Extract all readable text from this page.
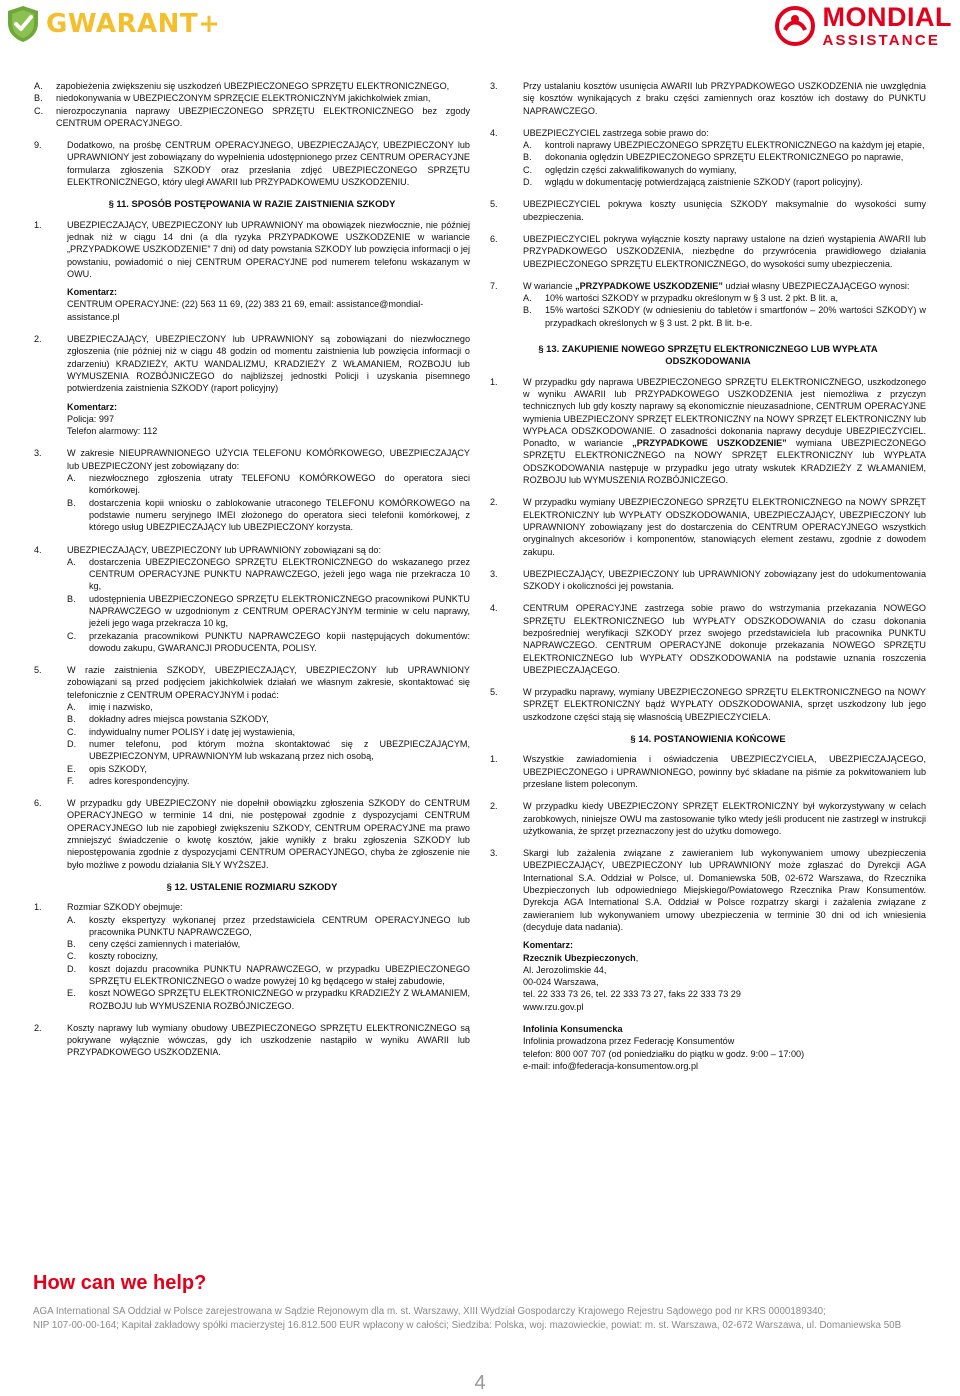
GWARANT+	MONDIAL
ASSISTANCE
A.	zapobieżenia zwiększeniu się uszkodzeń UBEZPIECZONEGO SPRZĘTU ELEKTRONICZNEGO,
B.	niedokonywania w UBEZPIECZONYM SPRZĘCIE ELEKTRONICZNYM jakichkolwiek zmian,
C.	nierozpoczynania naprawy UBEZPIECZONEGO SPRZĘTU ELEKTRONICZNEGO bez zgody CENTRUM OPERACYJNEGO.
9.	Dodatkowo, na prośbę CENTRUM OPERACYJNEGO, UBEZPIECZAJĄCY, UBEZPIECZONY lub UPRAWNIONY jest zobowiązany do wypełnienia udostępnionego przez CENTRUM OPERACYJNE formularza zgłoszenia SZKODY oraz przesłania zdjęć UBEZPIECZONEGO SPRZĘTU ELEKTRONICZNEGO, który uległ AWARII lub PRZYPADKOWEMU USZKODZENIU.
§ 11. SPOSÓB POSTĘPOWANIA W RAZIE ZAISTNIENIA SZKODY
1.	UBEZPIECZAJĄCY, UBEZPIECZONY lub UPRAWNIONY ma obowiązek niezwłocznie, nie później jednak niż w ciągu 14 dni (a dla ryzyka PRZYPADKOWE USZKODZENIE w wariancie „PRZYPADKOWE USZKODZENIE” 7 dni) od daty powstania SZKODY lub powzięcia informacji o jej powstaniu, powiadomić o niej CENTRUM OPERACYJNE pod numerem telefonu wskazanym w OWU.
Komentarz:
CENTRUM OPERACYJNE: (22) 563 11 69, (22) 383 21 69, email: assistance@mondial-assistance.pl
2.	UBEZPIECZAJĄCY, UBEZPIECZONY lub UPRAWNIONY są zobowiązani do niezwłocznego zgłoszenia (nie później niż w ciągu 48 godzin od momentu zaistnienia lub powzięcia informacji o zdarzeniu) KRADZIEŻY, AKTU WANDALIZMU, KRADZIEŻY Z WŁAMANIEM, ROZBOJU lub WYMUSZENIA ROZBÓJNICZEGO do najbliższej jednostki Policji i uzyskania pisemnego potwierdzenia zaistnienia SZKODY (raport policyjny)
Komentarz:
Policja: 997
Telefon alarmowy: 112
3.	W zakresie NIEUPRAWNIONEGO UŻYCIA TELEFONU KOMÓRKOWEGO, UBEZPIECZAJĄCY lub UBEZPIECZONY jest zobowiązany do:
A.	niezwłocznego zgłoszenia utraty TELEFONU KOMÓRKOWEGO do operatora sieci komórkowej.
B.	dostarczenia kopii wniosku o zablokowanie utraconego TELEFONU KOMÓRKOWEGO na podstawie numeru seryjnego IMEI złożonego do operatora sieci telefonii komórkowej, z którego usług UBEZPIECZAJĄCY lub UBEZPIECZONY korzysta.
4.	UBEZPIECZAJĄCY, UBEZPIECZONY lub UPRAWNIONY zobowiązani są do:
A.	dostarczenia UBEZPIECZONEGO SPRZĘTU ELEKTRONICZNEGO do wskazanego przez CENTRUM OPERACYJNE PUNKTU NAPRAWCZEGO, jeżeli jego waga nie przekracza 10 kg,
B.	udostępnienia UBEZPIECZONEGO SPRZĘTU ELEKTRONICZNEGO pracownikowi PUNKTU NAPRAWCZEGO w uzgodnionym z CENTRUM OPERACYJNYM terminie w celu naprawy, jeżeli jego waga przekracza 10 kg,
C.	przekazania pracownikowi PUNKTU NAPRAWCZEGO kopii następujących dokumentów: dowodu zakupu, GWARANCJI PRODUCENTA, POLISY.
5.	W razie zaistnienia SZKODY, UBEZPIECZAJĄCY, UBEZPIECZONY lub UPRAWNIONY zobowiązani są przed podjęciem jakichkolwiek działań we własnym zakresie, skontaktować się telefonicznie z CENTRUM OPERACYJNYM i podać:
A.	imię i nazwisko,
B.	dokładny adres miejsca powstania SZKODY,
C.	indywidualny numer POLISY i datę jej wystawienia,
D.	numer telefonu, pod którym można skontaktować się z UBEZPIECZAJĄCYM, UBEZPIECZONYM, UPRAWNIONYM lub wskazaną przez nich osobą,
E.	opis SZKODY,
F.	adres korespondencyjny.
6.	W przypadku gdy UBEZPIECZONY nie dopełnił obowiązku zgłoszenia SZKODY do CENTRUM OPERACYJNEGO w terminie 14 dni, nie postępował zgodnie z dyspozycjami CENTRUM OPERACYJNEGO lub nie zapobiegł zwiększeniu SZKODY, CENTRUM OPERACYJNE ma prawo zmniejszyć świadczenie o kwotę kosztów, jakie wynikły z braku zgłoszenia SZKODY lub niepostępowania zgodnie z dyspozycjami CENTRUM OPERACYJNEGO, chyba że zgłoszenie nie było możliwe z powodu działania SIŁY WYŻSZEJ.
§ 12. USTALENIE ROZMIARU SZKODY
1.	Rozmiar SZKODY obejmuje:
A.	koszty ekspertyzy wykonanej przez przedstawiciela CENTRUM OPERACYJNEGO lub pracownika PUNKTU NAPRAWCZEGO,
B.	ceny części zamiennych i materiałów,
C.	koszty robocizny,
D.	koszt dojazdu pracownika PUNKTU NAPRAWCZEGO, w przypadku UBEZPIECZONEGO SPRZĘTU ELEKTRONICZNEGO o wadze powyżej 10 kg będącego w stałej zabudowie,
E.	koszt NOWEGO SPRZĘTU ELEKTRONICZNEGO w przypadku KRADZIEŻY Z WŁAMANIEM, ROZBOJU lub WYMUSZENIA ROZBÓJNICZEGO.
2.	Koszty naprawy lub wymiany obudowy UBEZPIECZONEGO SPRZĘTU ELEKTRONICZNEGO są pokrywane wyłącznie wówczas, gdy ich uszkodzenie nastąpiło w wyniku AWARII lub PRZYPADKOWEGO USZKODZENIA.
3.	Przy ustalaniu kosztów usunięcia AWARII lub PRZYPADKOWEGO USZKODZENIA nie uwzględnia się kosztów wynikających z braku części zamiennych oraz kosztów ich dostawy do PUNKTU NAPRAWCZEGO.
4.	UBEZPIECZYCIEL zastrzega sobie prawo do:
A.	kontroli naprawy UBEZPIECZONEGO SPRZĘTU ELEKTRONICZNEGO na każdym jej etapie,
B.	dokonania oględzin UBEZPIECZONEGO SPRZĘTU ELEKTRONICZNEGO po naprawie,
C.	oględzin części zakwalifikowanych do wymiany,
D.	wglądu w dokumentację potwierdzającą zaistnienie SZKODY (raport policyjny).
5.	UBEZPIECZYCIEL pokrywa koszty usunięcia SZKODY maksymalnie do wysokości sumy ubezpieczenia.
6.	UBEZPIECZYCIEL pokrywa wyłącznie koszty naprawy ustalone na dzień wystąpienia AWARII lub PRZYPADKOWEGO USZKODZENIA, niezbędne do przywrócenia prawidłowego działania UBEZPIECZONEGO SPRZĘTU ELEKTRONICZNEGO, do wysokości sumy ubezpieczenia.
7.	W wariancie „PRZYPADKOWE USZKODZENIE” udział własny UBEZPIECZAJĄCEGO wynosi:
A.	10% wartości SZKODY w przypadku określonym w § 3 ust. 2 pkt. B lit. a,
B.	15% wartości SZKODY (w odniesieniu do tabletów i smartfonów – 20% wartości SZKODY) w przypadkach określonych w § 3 ust. 2 pkt. B lit. b-e.
§ 13. ZAKUPIENIE NOWEGO SPRZĘTU ELEKTRONICZNEGO LUB WYPŁATA ODSZKODOWANIA
1.	W przypadku gdy naprawa UBEZPIECZONEGO SPRZĘTU ELEKTRONICZNEGO, uszkodzonego w wyniku AWARII lub PRZYPADKOWEGO USZKODZENIA jest niemożliwa z przyczyn technicznych lub gdy koszty naprawy są ekonomicznie nieuzasadnione, CENTRUM OPERACYJNE wymienia UBEZPIECZONY SPRZĘT ELEKTRONICZNY na NOWY SPRZĘT ELEKTRONICZNY lub WYPŁACA ODSZKODOWANIE. O zasadności dokonania naprawy decyduje UBEZPIECZYCIEL. Ponadto, w wariancie „PRZYPADKOWE USZKODZENIE” wymiana UBEZPIECZONEGO SPRZĘTU ELEKTRONICZNEGO na NOWY SPRZĘT ELEKTRONICZNY lub WYPŁATA ODSZKODOWANIA następuje w przypadku jego utraty wskutek KRADZIEŻY Z WŁAMANIEM, ROZBOJU lub WYMUSZENIA ROZBÓJNICZEGO.
2.	W przypadku wymiany UBEZPIECZONEGO SPRZĘTU ELEKTRONICZNEGO na NOWY SPRZĘT ELEKTRONICZNY lub WYPŁATY ODSZKODOWANIA, UBEZPIECZAJĄCY, UBEZPIECZONY lub UPRAWNIONY zobowiązany jest do dostarczenia do CENTRUM OPERACYJNEGO wszystkich oryginalnych akcesoriów i komponentów, stanowiących element zestawu, zgodnie z dowodem zakupu.
3.	UBEZPIECZAJĄCY, UBEZPIECZONY lub UPRAWNIONY zobowiązany jest do udokumentowania SZKODY i okoliczności jej powstania.
4.	CENTRUM OPERACYJNE zastrzega sobie prawo do wstrzymania przekazania NOWEGO SPRZĘTU ELEKTRONICZNEGO lub WYPŁATY ODSZKODOWANIA do czasu dokonania bezpośredniej weryfikacji SZKODY przez swojego przedstawiciela lub pracownika PUNKTU NAPRAWCZEGO. CENTRUM OPERACYJNE dokonuje przekazania NOWEGO SPRZĘTU ELEKTRONICZNEGO lub WYPŁATY ODSZKODOWANIA na podstawie uznania roszczenia UBEZPIECZAJĄCEGO.
5.	W przypadku naprawy, wymiany UBEZPIECZONEGO SPRZĘTU ELEKTRONICZNEGO na NOWY SPRZĘT ELEKTRONICZNY bądź WYPŁATY ODSZKODOWANIA, sprzęt uszkodzony lub jego uszkodzone części stają się własnością UBEZPIECZYCIELA.
§ 14. POSTANOWIENIA KOŃCOWE
1.	Wszystkie zawiadomienia i oświadczenia UBEZPIECZYCIELA, UBEZPIECZAJĄCEGO, UBEZPIECZONEGO i UPRAWNIONEGO, powinny być składane na piśmie za pokwitowaniem lub przesłane listem poleconym.
2.	W przypadku kiedy UBEZPIECZONY SPRZĘT ELEKTRONICZNY był wykorzystywany w celach zarobkowych, niniejsze OWU ma zastosowanie tylko wtedy jeśli producent nie zastrzegł w instrukcji użytkowania, że sprzęt przeznaczony jest do użytku domowego.
3.	Skargi lub zażalenia związane z zawieraniem lub wykonywaniem umowy ubezpieczenia UBEZPIECZAJĄCY, UBEZPIECZONY lub UPRAWNIONY może zgłaszać do Dyrekcji AGA International S.A. Oddział w Polsce, ul. Domaniewska 50B, 02-672 Warszawa, do Rzecznika Ubezpieczonych lub odpowiedniego Miejskiego/Powiatowego Rzecznika Praw Konsumentów. Dyrekcja AGA International S.A. Oddział w Polsce rozpatrzy skargi i zażalenia związane z zawieraniem lub wykonywaniem umowy ubezpieczenia w terminie 30 dni od ich wniesienia (decyduje data nadania).
Komentarz:
Rzecznik Ubezpieczonych,
Al. Jerozolimskie 44,
00-024 Warszawa,
tel. 22 333 73 26, tel. 22 333 73 27, faks 22 333 73 29
www.rzu.gov.pl
Infolinia Konsumencka
Infolinia prowadzona przez Federację Konsumentów
telefon: 800 007 707 (od poniedziałku do piątku w godz. 9:00 – 17:00)
e-mail: info@federacja-konsumentow.org.pl
How can we help?
AGA International SA Oddział w Polsce zarejestrowana w Sądzie Rejonowym dla m. st. Warszawy, XIII Wydział Gospodarczy Krajowego Rejestru Sądowego pod nr KRS 0000189340;
NIP 107-00-00-164; Kapitał zakładowy spółki macierzystej 16.812.500 EUR wpłacony w całości; Siedziba: Polska, woj. mazowieckie, powiat: m. st. Warszawa, 02-672 Warszawa, ul. Domaniewska 50B
4
